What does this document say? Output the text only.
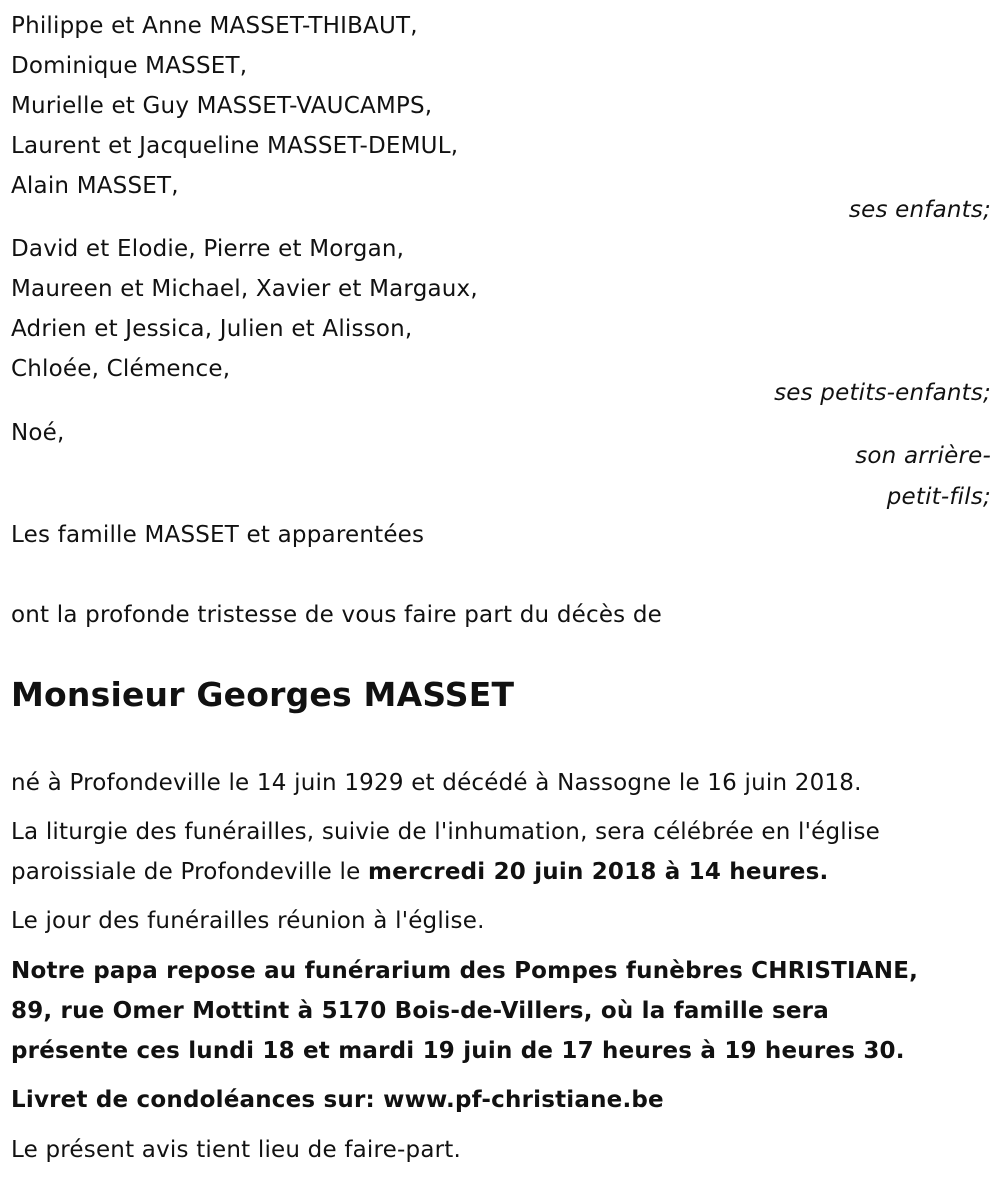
Philippe et Anne MASSET-THIBAUT,
Dominique MASSET,
Murielle et Guy MASSET-VAUCAMPS,
Laurent et Jacqueline MASSET-DEMUL,
Alain MASSET,
ses enfants;
David et Elodie, Pierre et Morgan,
Maureen et Michael, Xavier et Margaux,
Adrien et Jessica, Julien et Alisson,
Chloée, Clémence,
ses petits-enfants;
Noé,
son arrière-
petit-fils;
Les famille MASSET et apparentées
ont la profonde tristesse de vous faire part du décès de
Monsieur Georges MASSET
né à Profondeville le 14 juin 1929 et décédé à Nassogne le 16 juin 2018.
La liturgie des funérailles, suivie de l'inhumation, sera célébrée en l'église
paroissiale de Profondeville le mercredi 20 juin 2018 à 14 heures.
Le jour des funérailles réunion à l'église.
Notre papa repose au funérarium des Pompes funèbres CHRISTIANE,
89, rue Omer Mottint à 5170 Bois-de-Villers, où la famille sera
présente ces lundi 18 et mardi 19 juin de 17 heures à 19 heures 30.
Livret de condoléances sur: www.pf-christiane.be
Le présent avis tient lieu de faire-part.
